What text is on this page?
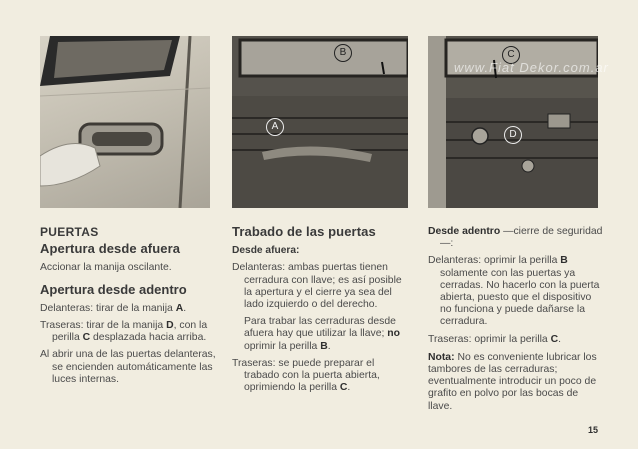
B
A
C
D
www.Fiat Dekor.com.ar
PUERTAS
Apertura desde afuera
Accionar la manija oscilante.
Apertura desde adentro
Delanteras: tirar de la manija A.
Traseras: tirar de la manija D, con la perilla C desplazada hacia arriba.
Al abrir una de las puertas delanteras, se encienden automáticamente las luces internas.
Trabado de las puertas
Desde afuera:
Delanteras: ambas puertas tienen cerradura con llave; es así posible la apertura y el cierre ya sea del lado izquierdo o del derecho.
Para trabar las cerraduras desde afuera hay que utilizar la llave; no oprimir la perilla B.
Traseras: se puede preparar el trabado con la puerta abierta, oprimiendo la perilla C.
Desde adentro —cierre de seguridad—:
Delanteras: oprimir la perilla B solamente con las puertas ya cerradas. No hacerlo con la puerta abierta, puesto que el dispositivo no funciona y puede dañarse la cerradura.
Traseras: oprimir la perilla C.
Nota: No es conveniente lubricar los tambores de las cerraduras; eventualmente introducir un poco de grafito en polvo por las bocas de llave.
15
